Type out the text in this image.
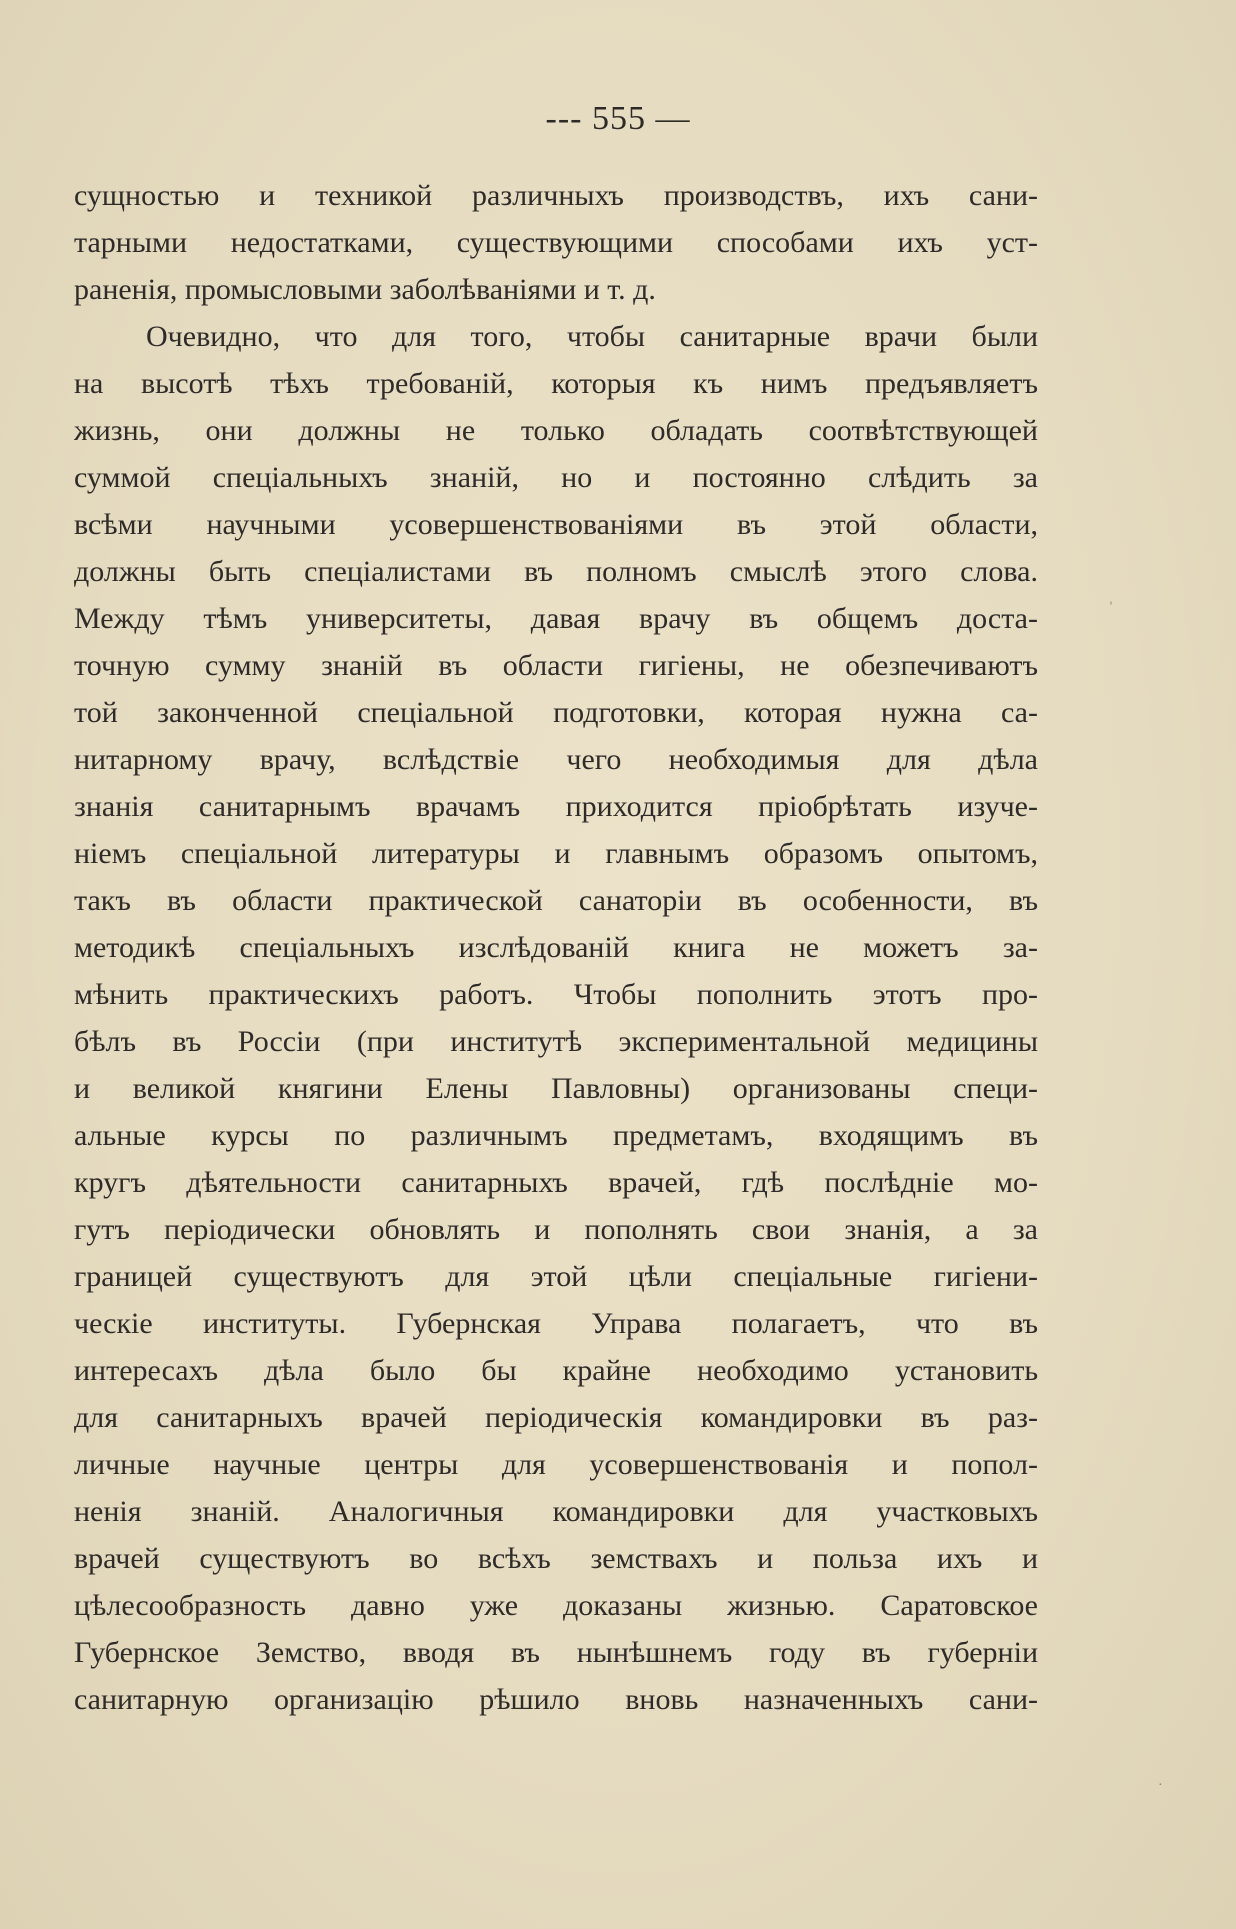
--- 555 —
сущностью и техникой различныхъ производствъ, ихъ сани-
тарными недостатками, существующими способами ихъ уст-
раненія, промысловыми заболѣваніями и т. д.
Очевидно, что для того, чтобы санитарные врачи были
на высотѣ тѣхъ требованій, которыя къ нимъ предъявляетъ
жизнь, они должны не только обладать соотвѣтствующей
суммой спеціальныхъ знаній, но и постоянно слѣдить за
всѣми научными усовершенствованіями въ этой области,
должны быть спеціалистами въ полномъ смыслѣ этого слова.
Между тѣмъ университеты, давая врачу въ общемъ доста-
точную сумму знаній въ области гигіены, не обезпечиваютъ
той законченной спеціальной подготовки, которая нужна са-
нитарному врачу, вслѣдствіе чего необходимыя для дѣла
знанія санитарнымъ врачамъ приходится пріобрѣтать изуче-
ніемъ спеціальной литературы и главнымъ образомъ опытомъ,
такъ въ области практической санаторіи въ особенности, въ
методикѣ спеціальныхъ изслѣдованій книга не можетъ за-
мѣнить практическихъ работъ. Чтобы пополнить этотъ про-
бѣлъ въ Россіи (при институтѣ экспериментальной медицины
и великой княгини Елены Павловны) организованы специ-
альные курсы по различнымъ предметамъ, входящимъ въ
кругъ дѣятельности санитарныхъ врачей, гдѣ послѣдніе мо-
гутъ періодически обновлять и пополнять свои знанія, а за
границей существуютъ для этой цѣли спеціальные гигіени-
ческіе институты. Губернская Управа полагаетъ, что въ
интересахъ дѣла было бы крайне необходимо установить
для санитарныхъ врачей періодическія командировки въ раз-
личные научные центры для усовершенствованія и попол-
ненія знаній. Аналогичныя командировки для участковыхъ
врачей существуютъ во всѣхъ земствахъ и польза ихъ и
цѣлесообразность давно уже доказаны жизнью. Саратовское
Губернское Земство, вводя въ нынѣшнемъ году въ губерніи
санитарную организацію рѣшило вновь назначенныхъ сани-
ˈ
·
